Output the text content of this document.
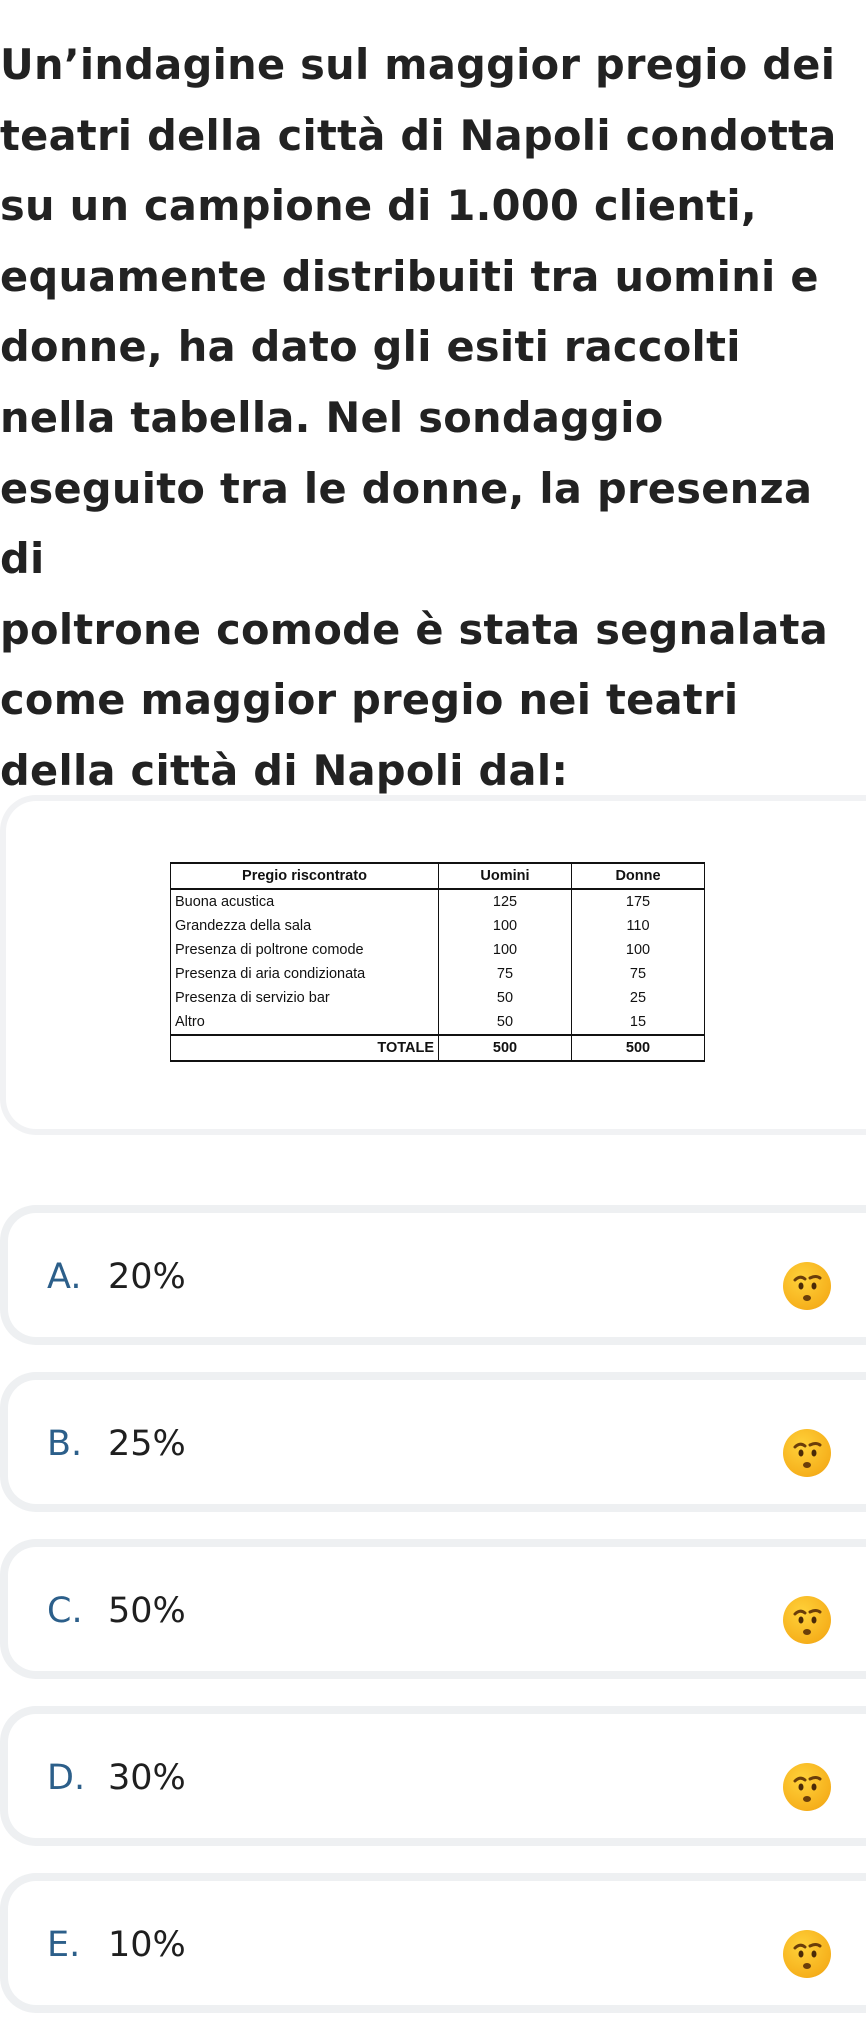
Un’indagine sul maggior pregio dei
teatri della città di Napoli condotta
su un campione di 1.000 clienti,
equamente distribuiti tra uomini e
donne, ha dato gli esiti raccolti
nella tabella. Nel sondaggio
eseguito tra le donne, la presenza di
poltrone comode è stata segnalata
come maggior pregio nei teatri
della città di Napoli dal:
Pregio riscontrato	Uomini	Donne
Buona acustica	125	175
Grandezza della sala	100	110
Presenza di poltrone comode	100	100
Presenza di aria condizionata	75	75
Presenza di servizio bar	50	25
Altro	50	15
TOTALE	500	500
A. 20%
B. 25%
C. 50%
D. 30%
E. 10%
